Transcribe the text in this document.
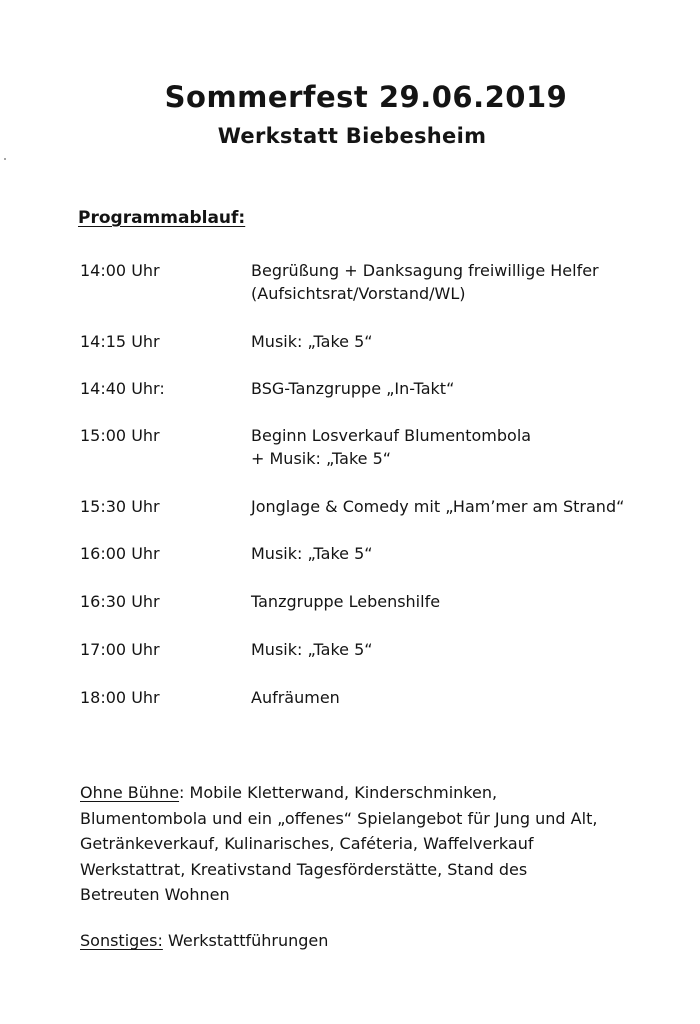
Sommerfest 29.06.2019
Werkstatt Biebesheim
Programmablauf:
14:00 Uhr	Begrüßung + Danksagung freiwillige Helfer
(Aufsichtsrat/Vorstand/WL)
14:15 Uhr	Musik: „Take 5“
14:40 Uhr:	BSG-Tanzgruppe „In-Takt“
15:00 Uhr	Beginn Losverkauf Blumentombola
+ Musik: „Take 5“
15:30 Uhr	Jonglage & Comedy mit „Ham’mer am Strand“
16:00 Uhr	Musik: „Take 5“
16:30 Uhr	Tanzgruppe Lebenshilfe
17:00 Uhr	Musik: „Take 5“
18:00 Uhr	Aufräumen

Ohne Bühne: Mobile Kletterwand, Kinderschminken,

Blumentombola und ein „offenes“ Spielangebot für Jung und Alt,

Getränkeverkauf, Kulinarisches, Caféteria, Waffelverkauf

Werkstattrat, Kreativstand Tagesförderstätte, Stand des

Betreuten Wohnen

Sonstiges: Werkstattführungen
